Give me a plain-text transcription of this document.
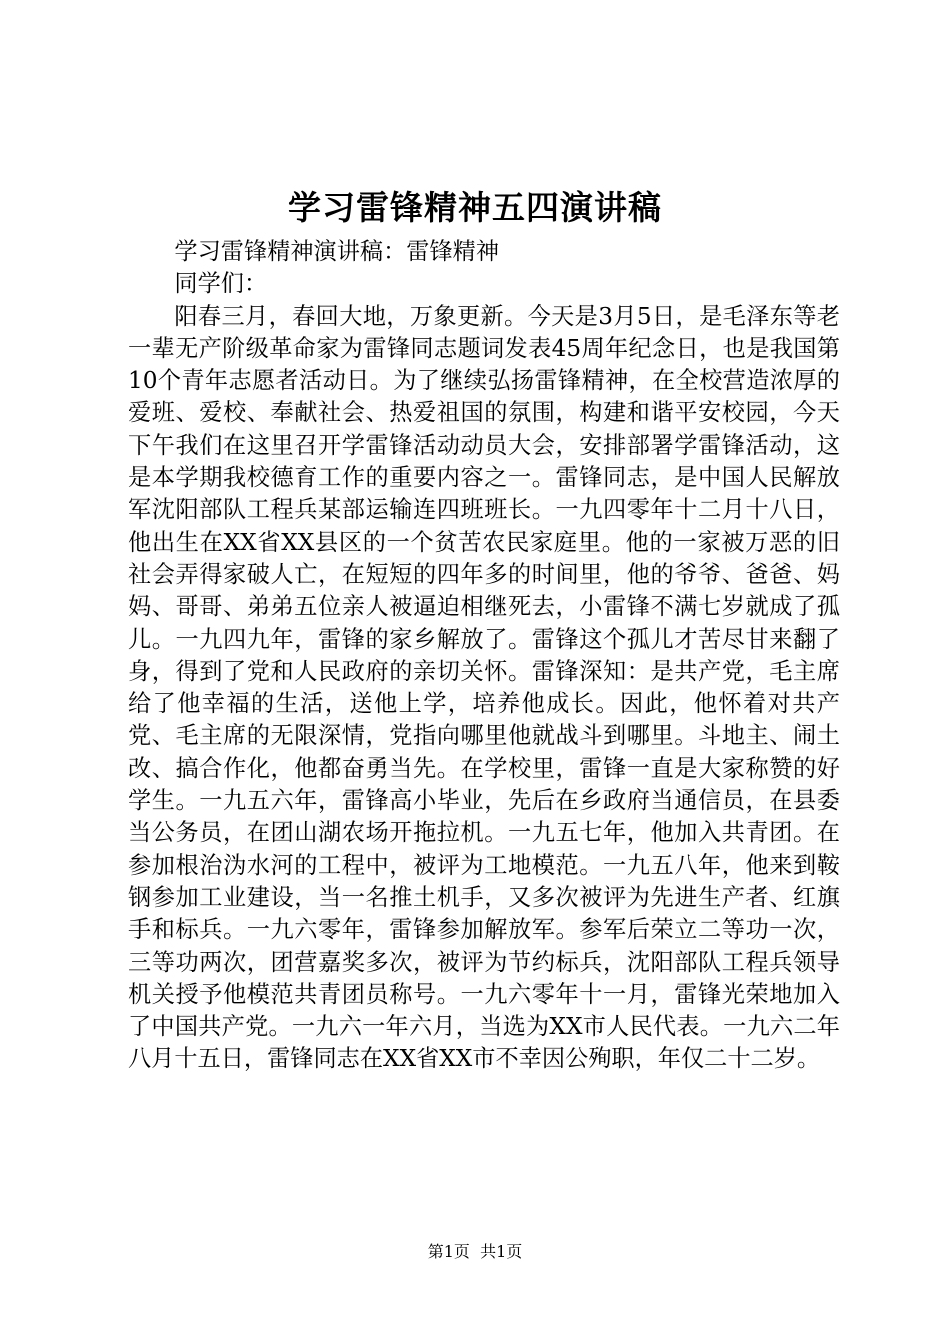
学习雷锋精神五四演讲稿

学习雷锋精神演讲稿：雷锋精神

同学们：

阳春三月，春回大地，万象更新。今天是3月5日，是毛泽东等老一辈无产阶级革命家为雷锋同志题词发表45周年纪念日，也是我国第10个青年志愿者活动日。为了继续弘扬雷锋精神，在全校营造浓厚的爱班、爱校、奉献社会、热爱祖国的氛围，构建和谐平安校园，今天下午我们在这里召开学雷锋活动动员大会，安排部署学雷锋活动，这是本学期我校德育工作的重要内容之一。雷锋同志，是中国人民解放军沈阳部队工程兵某部运输连四班班长。一九四零年十二月十八日，他出生在XX省XX县区的一个贫苦农民家庭里。他的一家被万恶的旧社会弄得家破人亡，在短短的四年多的时间里，他的爷爷、爸爸、妈妈、哥哥、弟弟五位亲人被逼迫相继死去，小雷锋不满七岁就成了孤儿。一九四九年，雷锋的家乡解放了。雷锋这个孤儿才苦尽甘来翻了身，得到了党和人民政府的亲切关怀。雷锋深知：是共产党，毛主席给了他幸福的生活，送他上学，培养他成长。因此，他怀着对共产党、毛主席的无限深情，党指向哪里他就战斗到哪里。斗地主、闹土改、搞合作化，他都奋勇当先。在学校里，雷锋一直是大家称赞的好学生。一九五六年，雷锋高小毕业，先后在乡政府当通信员，在县委当公务员，在团山湖农场开拖拉机。一九五七年，他加入共青团。在参加根治沩水河的工程中，被评为工地模范。一九五八年，他来到鞍钢参加工业建设，当一名推土机手，又多次被评为先进生产者、红旗手和标兵。一九六零年，雷锋参加解放军。参军后荣立二等功一次，三等功两次，团营嘉奖多次，被评为节约标兵，沈阳部队工程兵领导机关授予他模范共青团员称号。一九六零年十一月，雷锋光荣地加入了中国共产党。一九六一年六月，当选为XX市人民代表。一九六二年八月十五日，雷锋同志在XX省XX市不幸因公殉职，年仅二十二岁。

第1页 共1页
